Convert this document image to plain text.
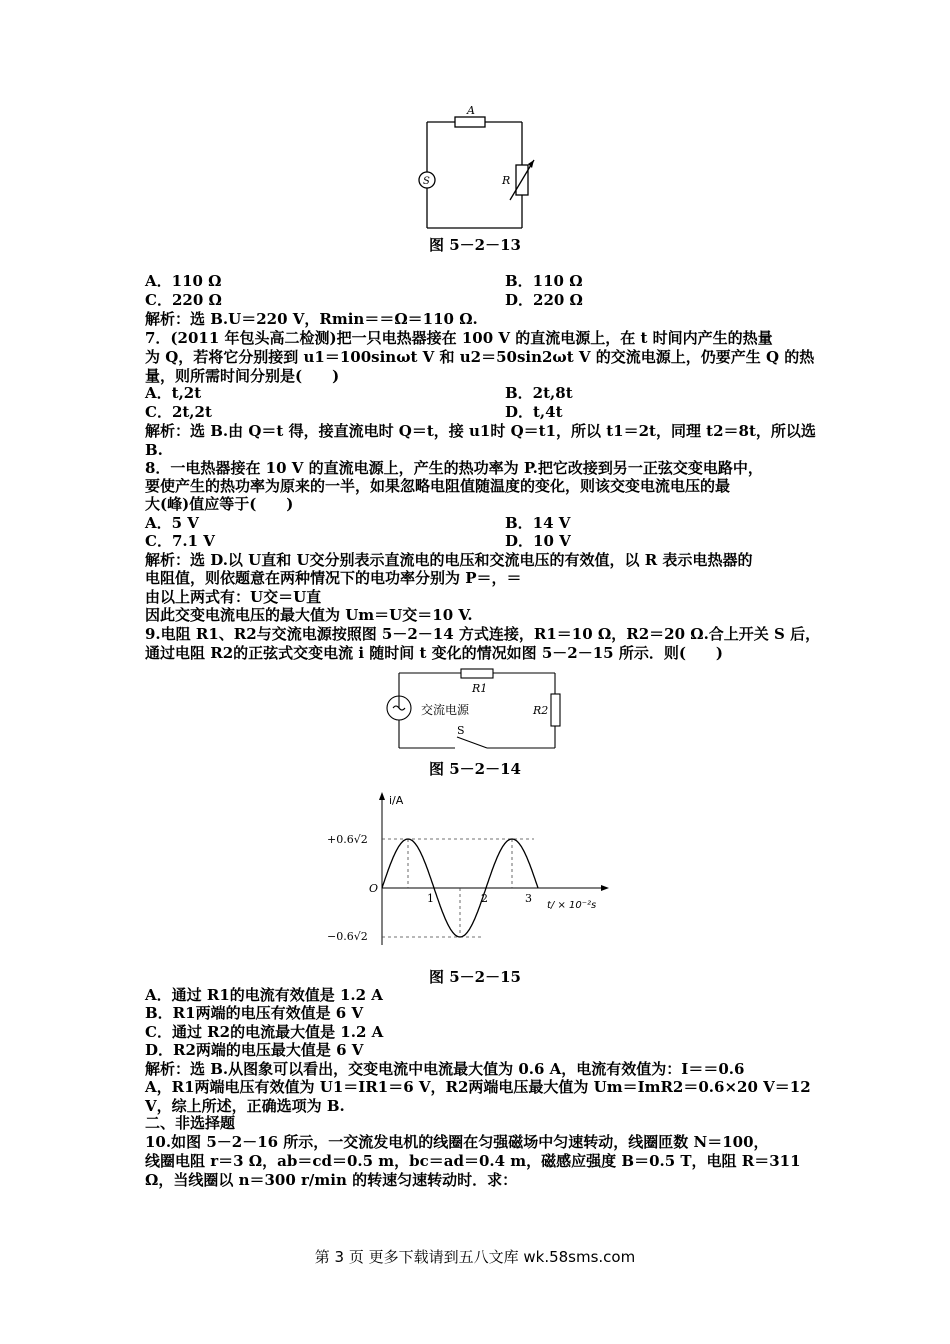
A
S	R
图 5－2－13
A．110 Ω	B．110 Ω
C．220 Ω	D．220 Ω
解析：选 B.U＝220 V，Rmin＝＝Ω＝110 Ω.
7．(2011 年包头高二检测)把一只电热器接在 100 V 的直流电源上，在 t 时间内产生的热量
为 Q，若将它分别接到 u1＝100sinωt V 和 u2＝50sin2ωt V 的交流电源上，仍要产生 Q 的热
量，则所需时间分别是(　　)
A．t,2t	B．2t,8t
C．2t,2t	D．t,4t
解析：选 B.由 Q＝t 得，接直流电时 Q＝t，接 u1时 Q＝t1，所以 t1＝2t，同理 t2＝8t，所以选
B.
8．一电热器接在 10 V 的直流电源上，产生的热功率为 P.把它改接到另一正弦交变电路中，
要使产生的热功率为原来的一半，如果忽略电阻值随温度的变化，则该交变电流电压的最
大(峰)值应等于(　　)
A．5 V	B．14 V
C．7.1 V	D．10 V
解析：选 D.以 U直和 U交分别表示直流电的电压和交流电压的有效值，以 R 表示电热器的
电阻值，则依题意在两种情况下的电功率分别为 P＝，＝
由以上两式有：U交＝U直
因此交变电流电压的最大值为 Um＝U交＝10 V.
9.电阻 R1、R2与交流电源按照图 5－2－14 方式连接，R1＝10 Ω，R2＝20 Ω.合上开关 S 后，
通过电阻 R2的正弦式交变电流 i 随时间 t 变化的情况如图 5－2－15 所示．则(　　)
交流电源
R1
R2
S
图 5－2－14
i/A
t/ × 10⁻²s
O
+0.6√2
−0.6√2
1	2	3
图 5－2－15
A．通过 R1的电流有效值是 1.2 A
B．R1两端的电压有效值是 6 V
C．通过 R2的电流最大值是 1.2 A
D．R2两端的电压最大值是 6 V
解析：选 B.从图象可以看出，交变电流中电流最大值为 0.6 A，电流有效值为：I＝＝0.6
A，R1两端电压有效值为 U1＝IR1＝6 V，R2两端电压最大值为 Um＝ImR2＝0.6×20 V＝12
V，综上所述，正确选项为 B.
二、非选择题
10.如图 5－2－16 所示，一交流发电机的线圈在匀强磁场中匀速转动，线圈匝数 N＝100，
线圈电阻 r＝3 Ω，ab＝cd＝0.5 m，bc＝ad＝0.4 m，磁感应强度 B＝0.5 T，电阻 R＝311
Ω，当线圈以 n＝300 r/min 的转速匀速转动时．求：
第 3 页 更多下载请到五八文库 wk.58sms.com
